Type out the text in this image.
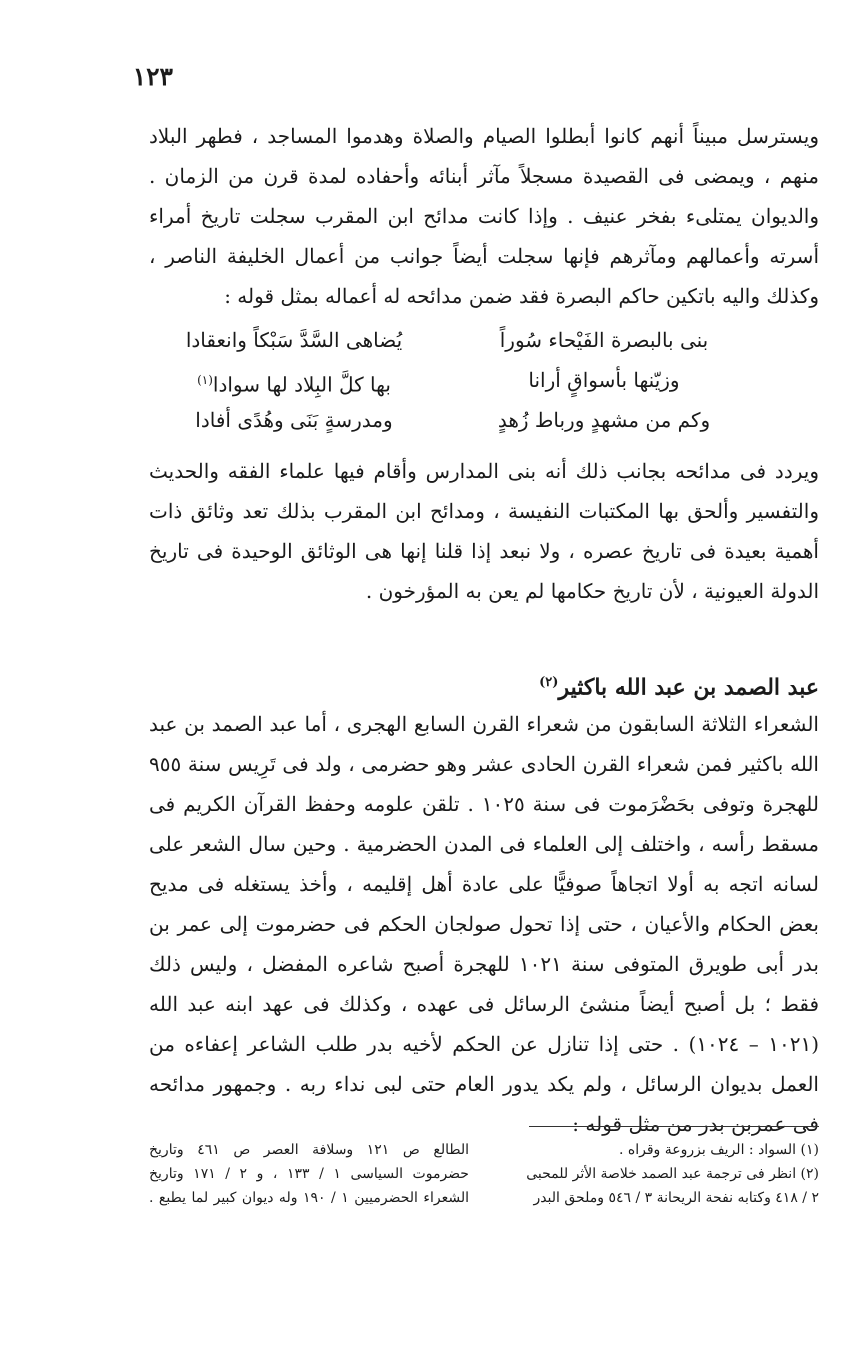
١٢٣

ويسترسل مبيناً أنهم كانوا أبطلوا الصيام والصلاة وهدموا المساجد ، فطهر البلاد منهم ، ويمضى فى القصيدة مسجلاً مآثر أبنائه وأحفاده لمدة قرن من الزمان . والديوان يمتلىء بفخر عنيف . وإذا كانت مدائح ابن المقرب سجلت تاريخ أمراء أسرته وأعمالهم ومآثرهم فإنها سجلت أيضاً جوانب من أعمال الخليفة الناصر ، وكذلك واليه باتكين حاكم البصرة فقد ضمن مدائحه له أعماله بمثل قوله :

بنى بالبصرة الفَيْحاء سُوراً
يُضاهى السَّدَّ سَبْكاً وانعقادا
وزيّنها بأسواقٍ أرانا
بها كلَّ البِلاد لها سوادا$^{(١)}$
وكم من مشهدٍ ورباط زُهدٍ
ومدرسةٍ بَنَى وهُدًى أفادا

ويردد فى مدائحه بجانب ذلك أنه بنى المدارس وأقام فيها علماء الفقه والحديث والتفسير وألحق بها المكتبات النفيسة ، ومدائح ابن المقرب بذلك تعد وثائق ذات أهمية بعيدة فى تاريخ عصره ، ولا نبعد إذا قلنا إنها هى الوثائق الوحيدة فى تاريخ الدولة العيونية ، لأن تاريخ حكامها لم يعن به المؤرخون .

عبد الصمد بن عبد الله باكثير$^{(٢)}$

الشعراء الثلاثة السابقون من شعراء القرن السابع الهجرى ، أما عبد الصمد بن عبد الله باكثير فمن شعراء القرن الحادى عشر وهو حضرمى ، ولد فى تَرِيس سنة ٩٥٥ للهجرة وتوفى بحَضْرَموت فى سنة ١٠٢٥ . تلقن علومه وحفظ القرآن الكريم فى مسقط رأسه ، واختلف إلى العلماء فى المدن الحضرمية . وحين سال الشعر على لسانه اتجه به أولا اتجاهاً صوفيًّا على عادة أهل إقليمه ، وأخذ يستغله فى مديح بعض الحكام والأعيان ، حتى إذا تحول صولجان الحكم فى حضرموت إلى عمر بن بدر أبى طويرق المتوفى سنة ١٠٢١ للهجرة أصبح شاعره المفضل ، وليس ذلك فقط ؛ بل أصبح أيضاً منشئ الرسائل فى عهده ، وكذلك فى عهد ابنه عبد الله (١٠٢١ – ١٠٢٤) . حتى إذا تنازل عن الحكم لأخيه بدر طلب الشاعر إعفاءه من العمل بديوان الرسائل ، ولم يكد يدور العام حتى لبى نداء ربه . وجمهور مدائحه فى عمربن بدر من مثل قوله :

(١) السواد : الريف بزروعة وقراه .
(٢) انظر فى ترجمة عبد الصمد خلاصة الأثر للمحبى
٢ / ٤١٨ وكتابه نفحة الريحانة ٣ / ٥٤٦ وملحق البدر
الطالع ص ١٢١ وسلافة العصر ص ٤٦١ وتاريخ
حضرموت السياسى ١ / ١٣٣ ، و ٢ / ١٧١ وتاريخ
الشعراء الحضرميين ١ / ١٩٠ وله ديوان كبير لما يطبع .
